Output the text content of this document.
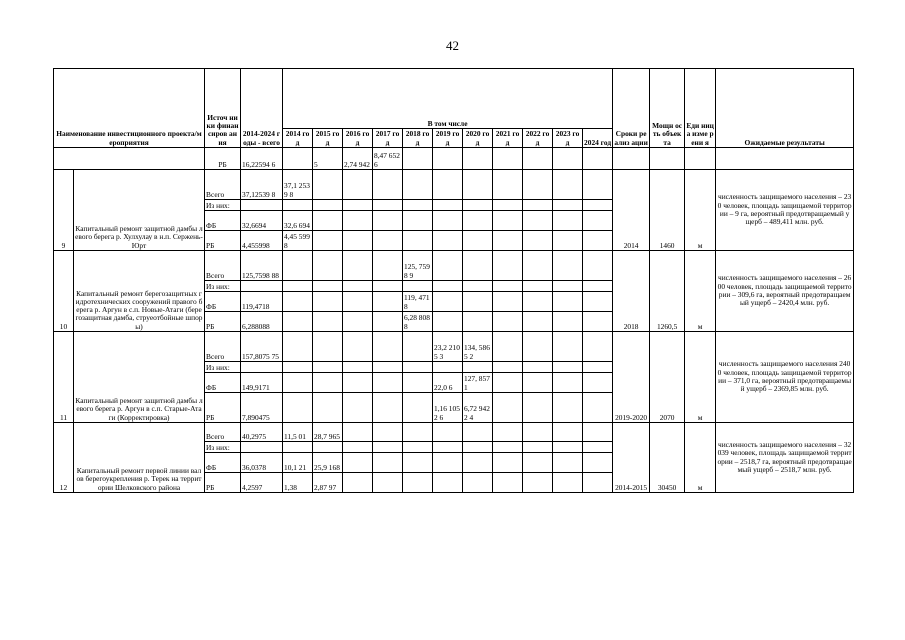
42
Наименование инвестиционного проекта/мероприятия		Источ ники финан сиров ания	2014-2024 годы - всего	В том числе											Сроки реализ ации	Мощн ость объек та	Еди ниц а изме рени я	Ожидаемые результаты
				2014 год	2015 год	2016 год	2017 год	2018 год	2019 год	2020 год	2021 год	2022 год	2023 год	2024 год				
		РБ	16,22594 6		5	2,74 942	8,47 6526											
9	Капитальный ремонт защитной дамбы левого берега р. Хулхулау в н.п. Сержень-Юрт	Всего	37,12539 8	37,1 2539 8											2014	1460	м	численность защищаемого населения – 230 человек, площадь защищаемой территории – 9 га, вероятный предотвращаемый ущерб – 489,411 млн. руб.
		Из них:																
		ФБ	32,6694	32,6 694														
		РБ	4,455998	4,45 5998														
10	Капитальный ремонт берегозащитных гидротехнических сооружений правого берега р. Аргун в с.п. Новые-Атаги (берегозащитная дамба, струеотбойные шпоры)	Всего	125,7598 88					125, 7598 9							2018	1260,5	м	численность защищаемого населения – 2600 человек, площадь защищаемой территории – 309,6 га, вероятный предотвращаемый ущерб – 2420,4 млн. руб.
		Из них:																
		ФБ	119,4718					119, 4718										
		РБ	6,288088					6,28 8088										
11	Капитальный ремонт защитной дамбы левого берега р. Аргун в с.п. Старые-Атаги (Корректировка)	Всего	157,8075 75						23,2 2105 3	134, 5865 2					2019-2020	2070	м	численность защищаемого населения 2400 человек, площадь защищаемой территории – 371,0 га, вероятный предотвращаемый ущерб – 2369,85 млн. руб.
		Из них:																
		ФБ	149,9171						22,0 6	127, 8571								
		РБ	7,890475						1,16 1052 6	6,72 9422 4								
12	Капитальный ремонт первой линии валов берегоукрепления р. Терек на территории Шелковского района	Всего	40,2975	11,5 01	28,7 965										2014-2015	30450	м	численность защищаемого населения – 32039 человек, площадь защищаемой территории – 2518,7 га, вероятный предотвращаемый ущерб – 2518,7 млн. руб.
		Из них:																
		ФБ	36,0378	10,1 21	25,9 168													
		РБ	4,2597	1,38	2,87 97													
